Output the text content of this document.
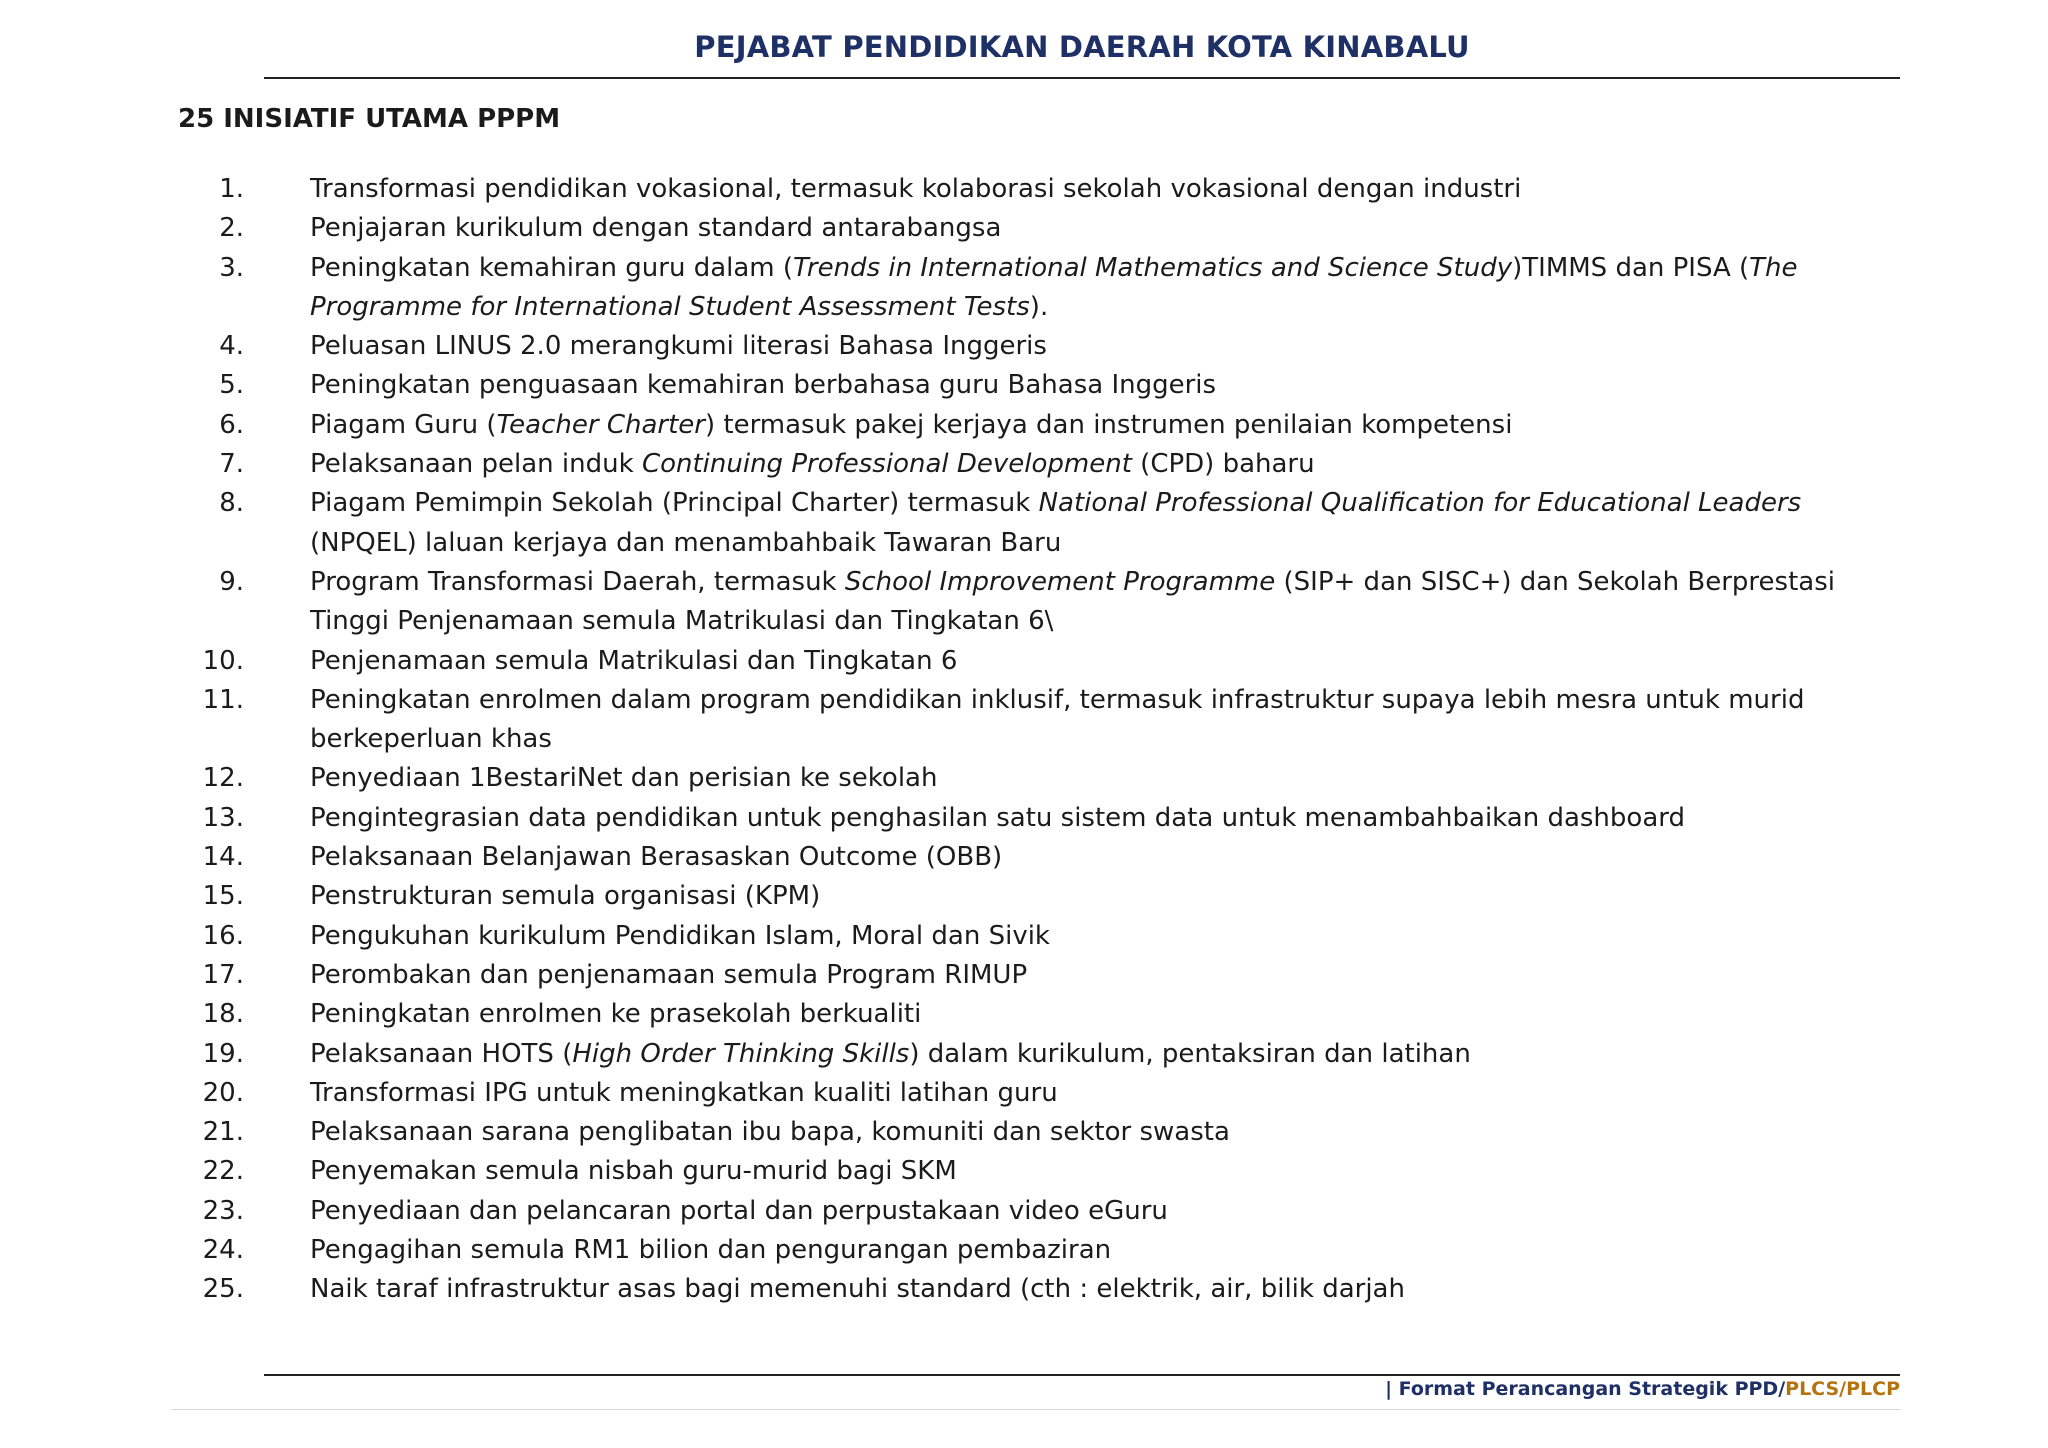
PEJABAT PENDIDIKAN DAERAH KOTA KINABALU
25 INISIATIF UTAMA PPPM
1.	Transformasi pendidikan vokasional, termasuk kolaborasi sekolah vokasional dengan industri
2.	Penjajaran kurikulum dengan standard antarabangsa
3.	Peningkatan kemahiran guru dalam (Trends in International Mathematics and Science Study)TIMMS dan PISA (The Programme for International Student Assessment Tests).
4.	Peluasan LINUS 2.0 merangkumi literasi Bahasa Inggeris
5.	Peningkatan penguasaan kemahiran berbahasa guru Bahasa Inggeris
6.	Piagam Guru (Teacher Charter) termasuk pakej kerjaya dan instrumen penilaian kompetensi
7.	Pelaksanaan pelan induk Continuing Professional Development (CPD) baharu
8.	Piagam Pemimpin Sekolah (Principal Charter) termasuk National Professional Qualification for Educational Leaders (NPQEL) laluan kerjaya dan menambahbaik Tawaran Baru
9.	Program Transformasi Daerah, termasuk School Improvement Programme (SIP+ dan SISC+) dan Sekolah Berprestasi Tinggi Penjenamaan semula Matrikulasi dan Tingkatan 6\
10.	Penjenamaan semula Matrikulasi dan Tingkatan 6
11.	Peningkatan enrolmen dalam program pendidikan inklusif, termasuk infrastruktur supaya lebih mesra untuk murid berkeperluan khas
12.	Penyediaan 1BestariNet dan perisian ke sekolah
13.	Pengintegrasian data pendidikan untuk penghasilan satu sistem data untuk menambahbaikan dashboard
14.	Pelaksanaan Belanjawan Berasaskan Outcome (OBB)
15.	Penstrukturan semula organisasi (KPM)
16.	Pengukuhan kurikulum Pendidikan Islam, Moral dan Sivik
17.	Perombakan dan penjenamaan semula Program RIMUP
18.	Peningkatan enrolmen ke prasekolah berkualiti
19.	Pelaksanaan HOTS (High Order Thinking Skills) dalam kurikulum, pentaksiran dan latihan
20.	Transformasi IPG untuk meningkatkan kualiti latihan guru
21.	Pelaksanaan sarana penglibatan ibu bapa, komuniti dan sektor swasta
22.	Penyemakan semula nisbah guru-murid bagi SKM
23.	Penyediaan dan pelancaran portal dan perpustakaan video eGuru
24.	Pengagihan semula RM1 bilion dan pengurangan pembaziran
25.	Naik taraf infrastruktur asas bagi memenuhi standard (cth : elektrik, air, bilik darjah
| Format Perancangan Strategik PPD/PLCS/PLCP
